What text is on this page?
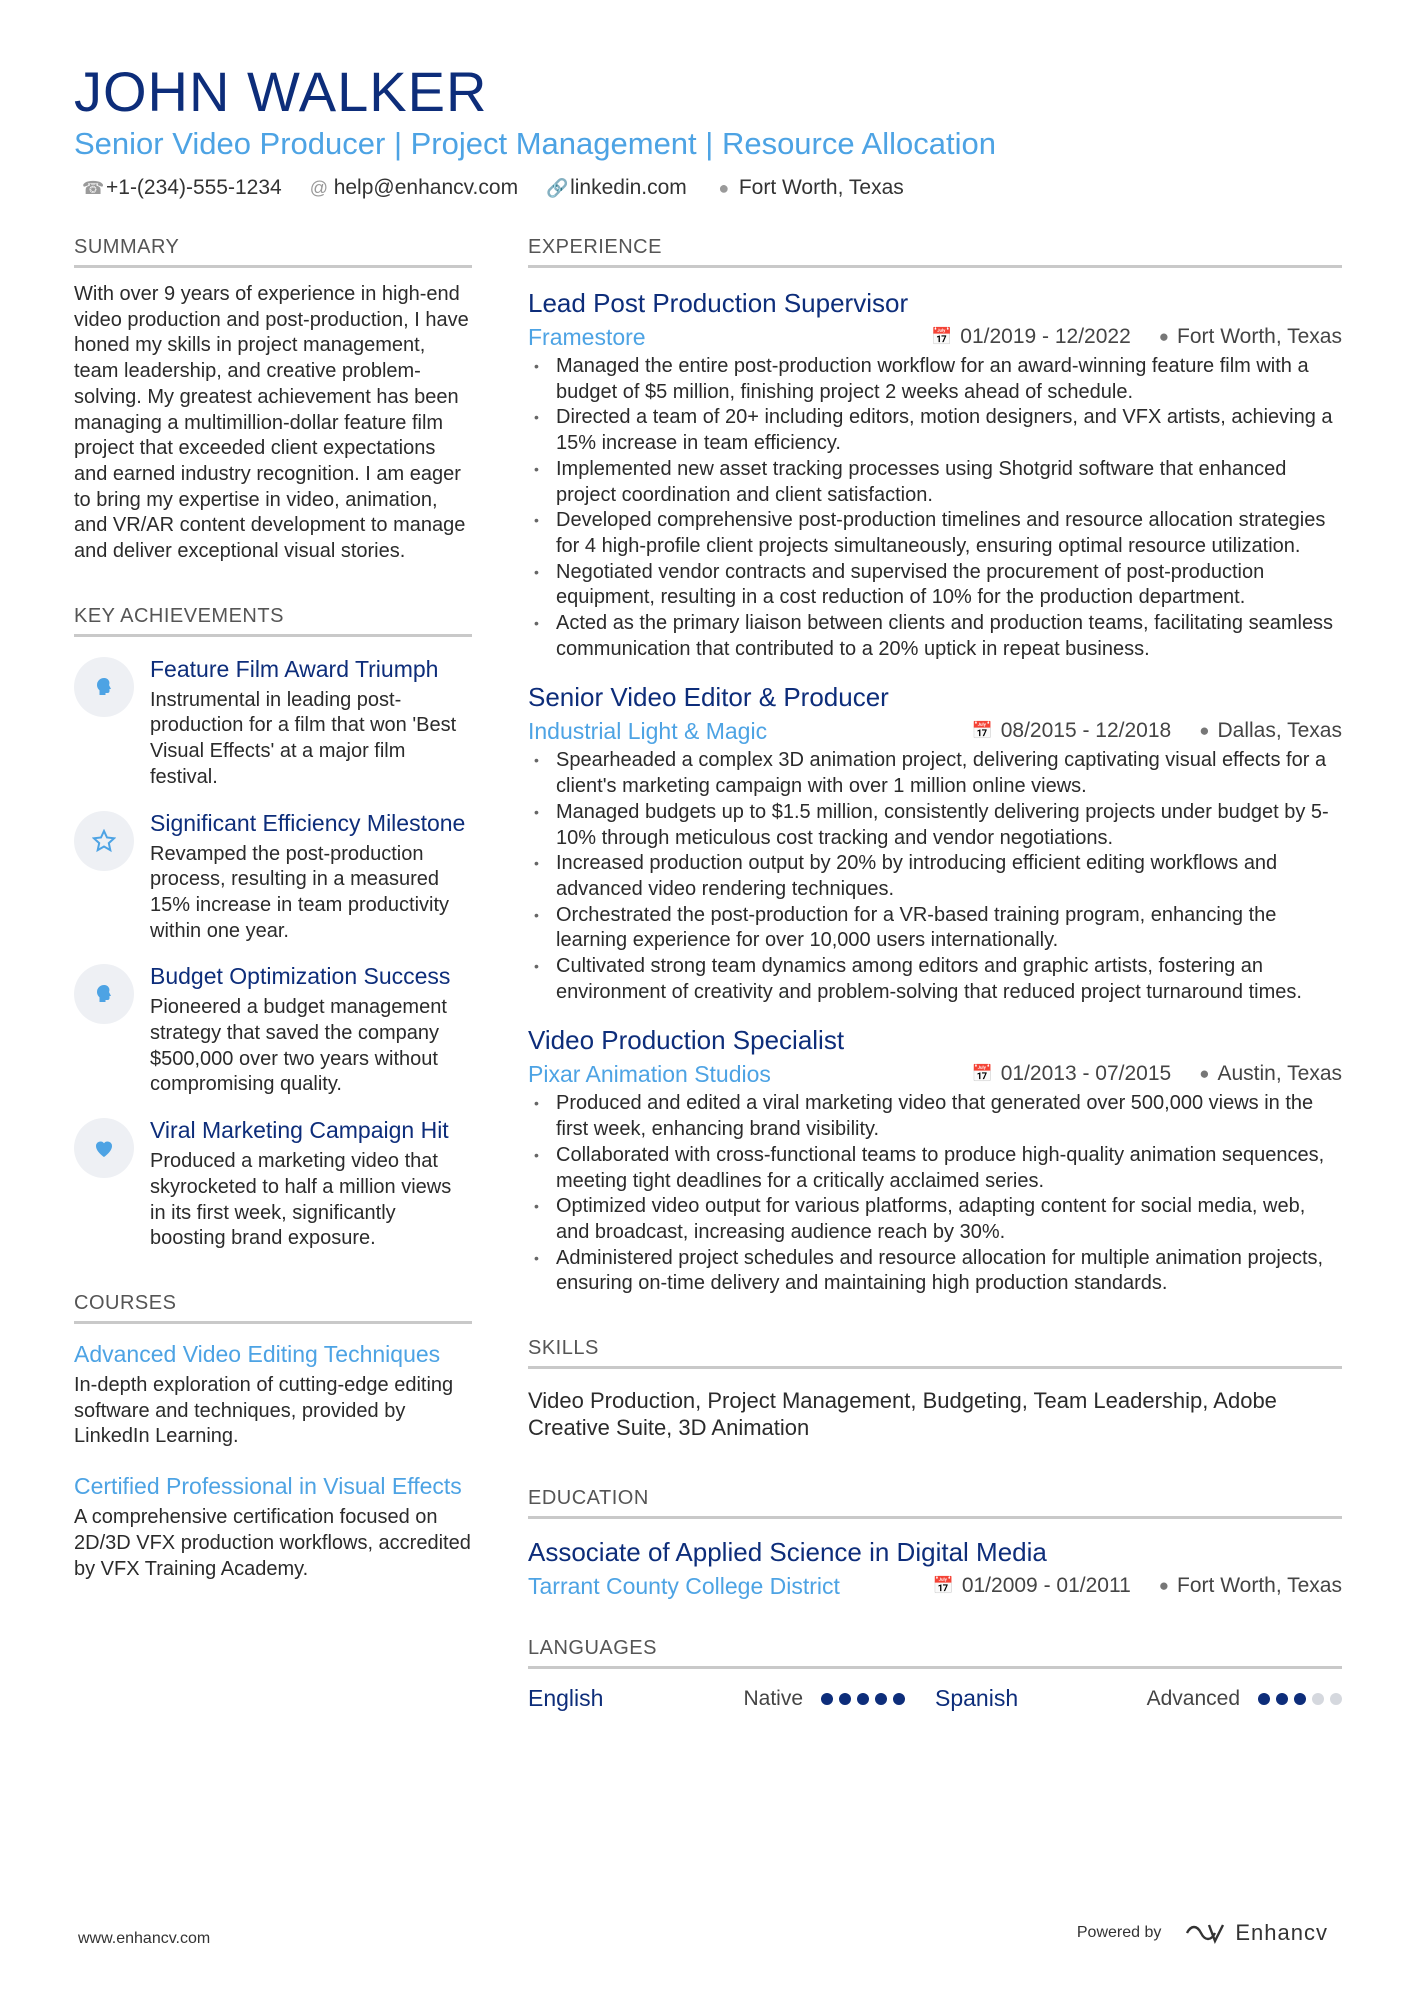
JOHN WALKER
Senior Video Producer | Project Management | Resource Allocation
☎ +1-(234)-555-1234 @ help@enhancv.com 🔗 linkedin.com ● Fort Worth, Texas
SUMMARY
With over 9 years of experience in high-end video production and post-production, I have honed my skills in project management, team leadership, and creative problem-solving. My greatest achievement has been managing a multimillion-dollar feature film project that exceeded client expectations and earned industry recognition. I am eager to bring my expertise in video, animation, and VR/AR content development to manage and deliver exceptional visual stories.
KEY ACHIEVEMENTS
Feature Film Award Triumph
Instrumental in leading post-production for a film that won 'Best Visual Effects' at a major film festival.
Significant Efficiency Milestone
Revamped the post-production process, resulting in a measured 15% increase in team productivity within one year.
Budget Optimization Success
Pioneered a budget management strategy that saved the company $500,000 over two years without compromising quality.
Viral Marketing Campaign Hit
Produced a marketing video that skyrocketed to half a million views in its first week, significantly boosting brand exposure.
COURSES
Advanced Video Editing Techniques
In-depth exploration of cutting-edge editing software and techniques, provided by LinkedIn Learning.
Certified Professional in Visual Effects
A comprehensive certification focused on 2D/3D VFX production workflows, accredited by VFX Training Academy.
EXPERIENCE
Lead Post Production Supervisor
Framestore	📅 01/2019 - 12/2022 ● Fort Worth, Texas
• Managed the entire post-production workflow for an award-winning feature film with a budget of $5 million, finishing project 2 weeks ahead of schedule.
• Directed a team of 20+ including editors, motion designers, and VFX artists, achieving a 15% increase in team efficiency.
• Implemented new asset tracking processes using Shotgrid software that enhanced project coordination and client satisfaction.
• Developed comprehensive post-production timelines and resource allocation strategies for 4 high-profile client projects simultaneously, ensuring optimal resource utilization.
• Negotiated vendor contracts and supervised the procurement of post-production equipment, resulting in a cost reduction of 10% for the production department.
• Acted as the primary liaison between clients and production teams, facilitating seamless communication that contributed to a 20% uptick in repeat business.
Senior Video Editor & Producer
Industrial Light & Magic	📅 08/2015 - 12/2018 ● Dallas, Texas
• Spearheaded a complex 3D animation project, delivering captivating visual effects for a client's marketing campaign with over 1 million online views.
• Managed budgets up to $1.5 million, consistently delivering projects under budget by 5-10% through meticulous cost tracking and vendor negotiations.
• Increased production output by 20% by introducing efficient editing workflows and advanced video rendering techniques.
• Orchestrated the post-production for a VR-based training program, enhancing the learning experience for over 10,000 users internationally.
• Cultivated strong team dynamics among editors and graphic artists, fostering an environment of creativity and problem-solving that reduced project turnaround times.
Video Production Specialist
Pixar Animation Studios	📅 01/2013 - 07/2015 ● Austin, Texas
• Produced and edited a viral marketing video that generated over 500,000 views in the first week, enhancing brand visibility.
• Collaborated with cross-functional teams to produce high-quality animation sequences, meeting tight deadlines for a critically acclaimed series.
• Optimized video output for various platforms, adapting content for social media, web, and broadcast, increasing audience reach by 30%.
• Administered project schedules and resource allocation for multiple animation projects, ensuring on-time delivery and maintaining high production standards.
SKILLS
Video Production, Project Management, Budgeting, Team Leadership, Adobe Creative Suite, 3D Animation
EDUCATION
Associate of Applied Science in Digital Media
Tarrant County College District	📅 01/2009 - 01/2011 ● Fort Worth, Texas
LANGUAGES
English	Native	Spanish	Advanced
www.enhancv.com	Powered by	Enhancv
